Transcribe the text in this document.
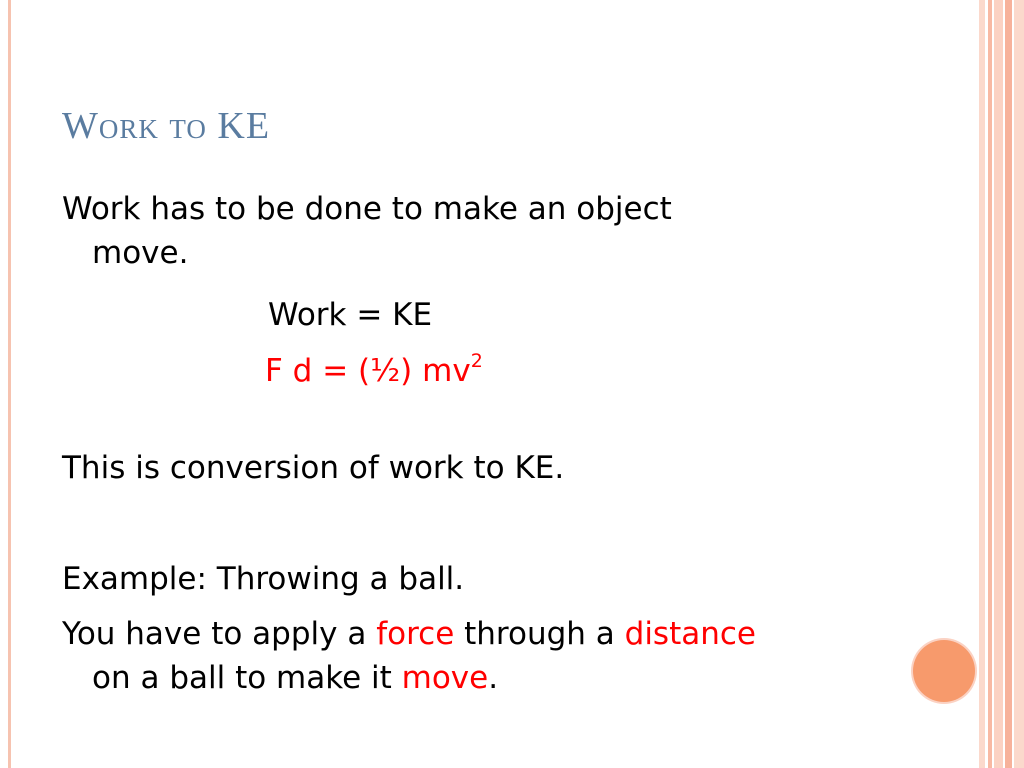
Work to KE
Work has to be done to make an object
move.
Work = KE
F d = (½) $mv^2$
This is conversion of work to KE.
Example: Throwing a ball.
You have to apply a force through a distance
on a ball to make it move.
